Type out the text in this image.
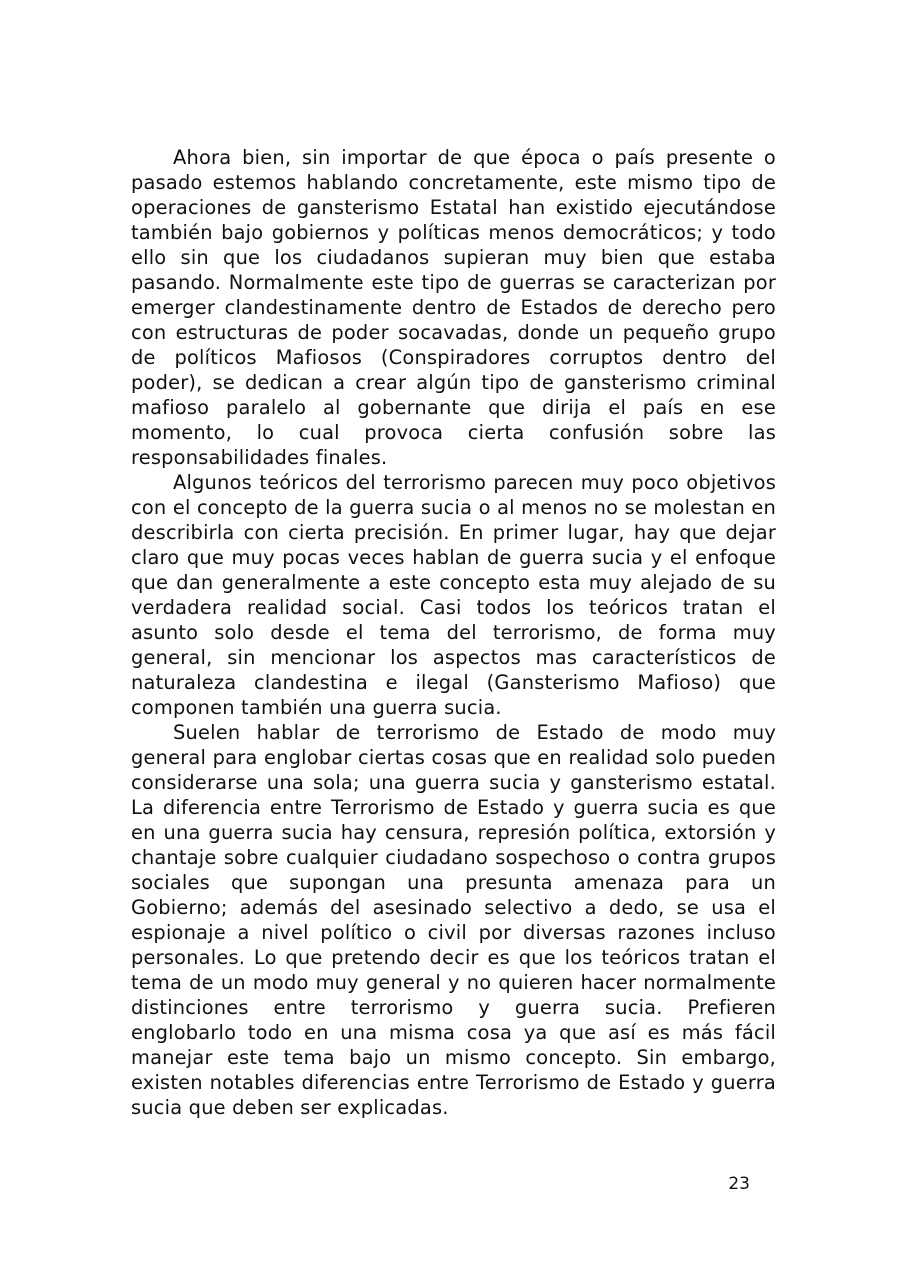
Ahora bien, sin importar de que época o país presente o pasado estemos hablando concretamente, este mismo tipo de operaciones de gansterismo Estatal han existido ejecutándose también bajo gobiernos y políticas menos democráticos; y todo ello sin que los ciudadanos supieran muy bien que estaba pasando. Normalmente este tipo de guerras se caracterizan por emerger clandestinamente dentro de Estados de derecho pero con estructuras de poder socavadas, donde un pequeño grupo de políticos Mafiosos (Conspiradores corruptos dentro del poder), se dedican a crear algún tipo de gansterismo criminal mafioso paralelo al gobernante que dirija el país en ese momento, lo cual provoca cierta confusión sobre las responsabilidades finales.

Algunos teóricos del terrorismo parecen muy poco objetivos con el concepto de la guerra sucia o al menos no se molestan en describirla con cierta precisión. En primer lugar, hay que dejar claro que muy pocas veces hablan de guerra sucia y el enfoque que dan generalmente a este concepto esta muy alejado de su verdadera realidad social. Casi todos los teóricos tratan el asunto solo desde el tema del terrorismo, de forma muy general, sin mencionar los aspectos mas característicos de naturaleza clandestina e ilegal (Gansterismo Mafioso) que componen también una guerra sucia.

Suelen hablar de terrorismo de Estado de modo muy general para englobar ciertas cosas que en realidad solo pueden considerarse una sola; una guerra sucia y gansterismo estatal. La diferencia entre Terrorismo de Estado y guerra sucia es que en una guerra sucia hay censura, represión política, extorsión y chantaje sobre cualquier ciudadano sospechoso o contra grupos sociales que supongan una presunta amenaza para un Gobierno; además del asesinado selectivo a dedo, se usa el espionaje a nivel político o civil por diversas razones incluso personales. Lo que pretendo decir es que los teóricos tratan el tema de un modo muy general y no quieren hacer normalmente distinciones entre terrorismo y guerra sucia. Prefieren englobarlo todo en una misma cosa ya que así es más fácil manejar este tema bajo un mismo concepto. Sin embargo, existen notables diferencias entre Terrorismo de Estado y guerra sucia que deben ser explicadas.

23
